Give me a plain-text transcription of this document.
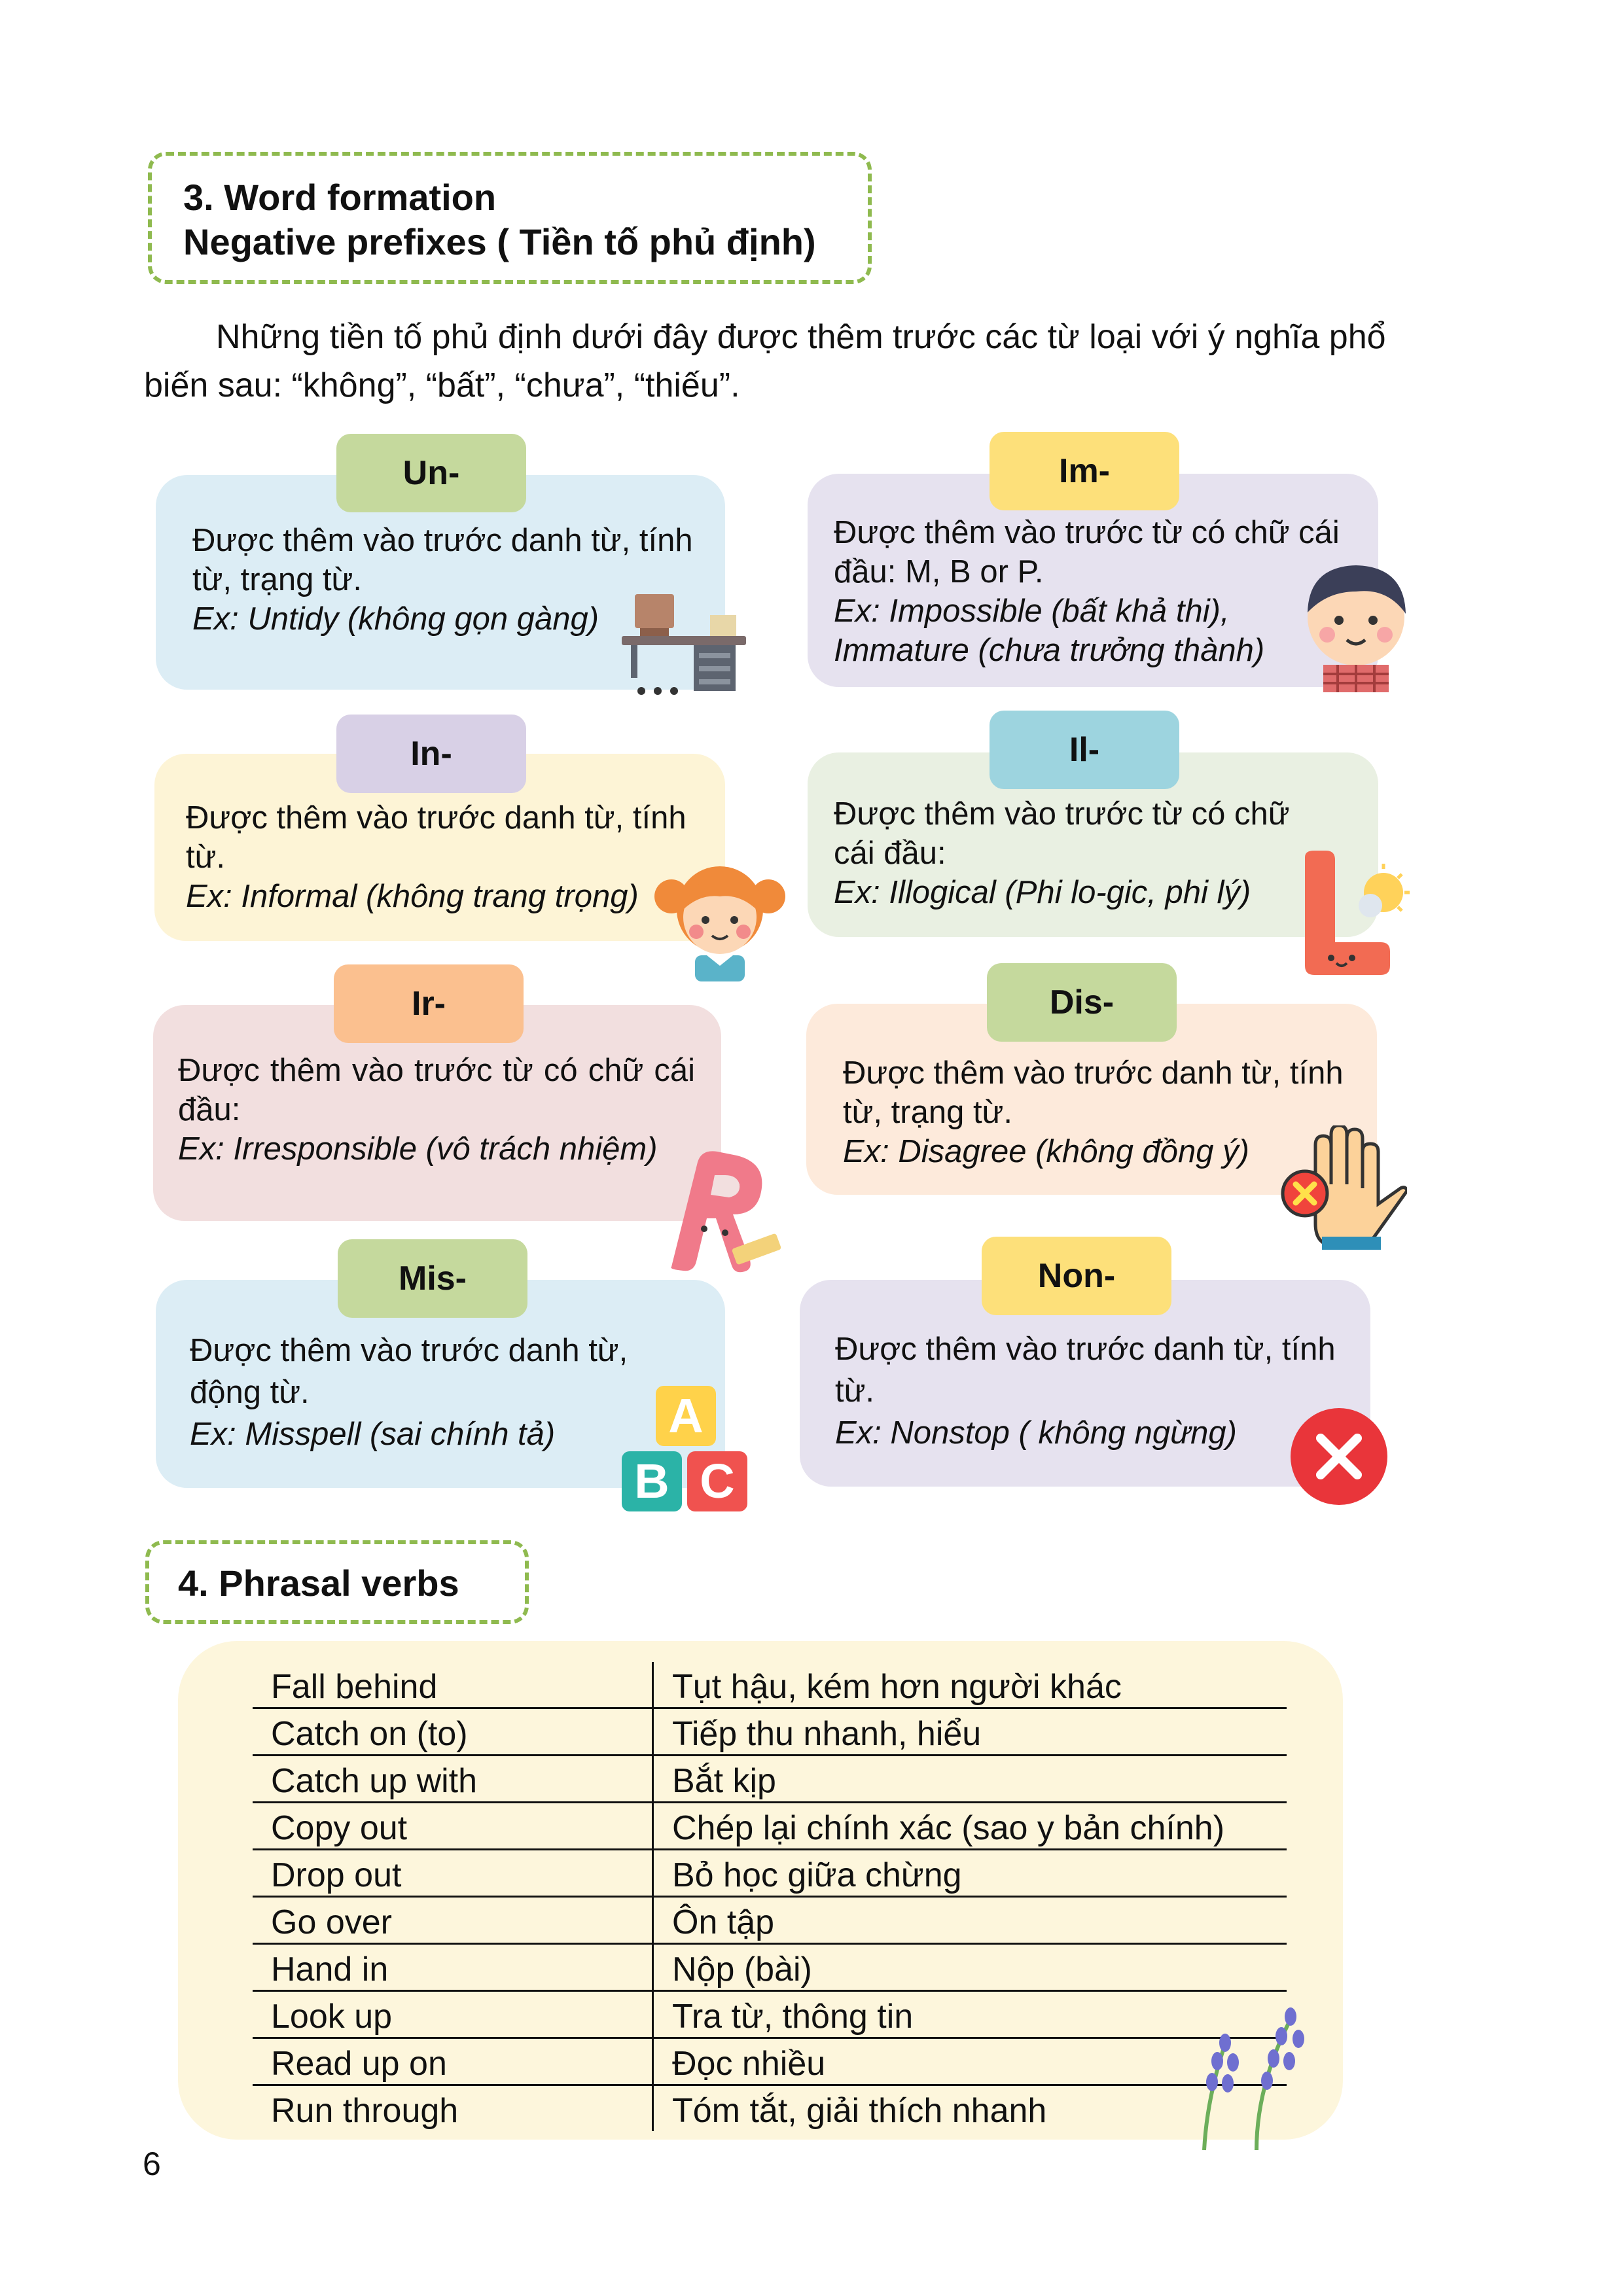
3. Word formation
Negative prefixes ( Tiền tố phủ định)
Những tiền tố phủ định dưới đây được thêm trước các từ loại với ý nghĩa phổ biến sau: “không”, “bất”, “chưa”, “thiếu”.
Un-
Được thêm vào trước danh từ, tính từ, trạng từ.
Ex: Untidy (không gọn gàng)
Im-
Được thêm vào trước từ có chữ cái đầu: M, B or P.
Ex: Impossible (bất khả thi), Immature (chưa trưởng thành)
In-
Được thêm vào trước danh từ, tính từ.
Ex: Informal (không trang trọng)
Il-
Được thêm vào trước từ có chữ cái đầu:
Ex: Illogical (Phi lo-gic, phi lý)
Ir-
Được thêm vào trước từ có chữ cái đầu:
Ex: Irresponsible (vô trách nhiệm)
Dis-
Được thêm vào trước danh từ, tính từ, trạng từ.
Ex: Disagree (không đồng ý)
Mis-
Được thêm vào trước danh từ, động từ.
Ex: Misspell (sai chính tả)	A
B C
Non-
Được thêm vào trước danh từ, tính từ.
Ex: Nonstop ( không ngừng)
4. Phrasal verbs
Fall behind	Tụt hậu, kém hơn người khác
Catch on (to)	Tiếp thu nhanh, hiểu
Catch up with	Bắt kịp
Copy out	Chép lại chính xác (sao y bản chính)
Drop out	Bỏ học giữa chừng
Go over	Ôn tập
Hand in	Nộp (bài)
Look up	Tra từ, thông tin
Read up on	Đọc nhiều
Run through	Tóm tắt, giải thích nhanh
6
